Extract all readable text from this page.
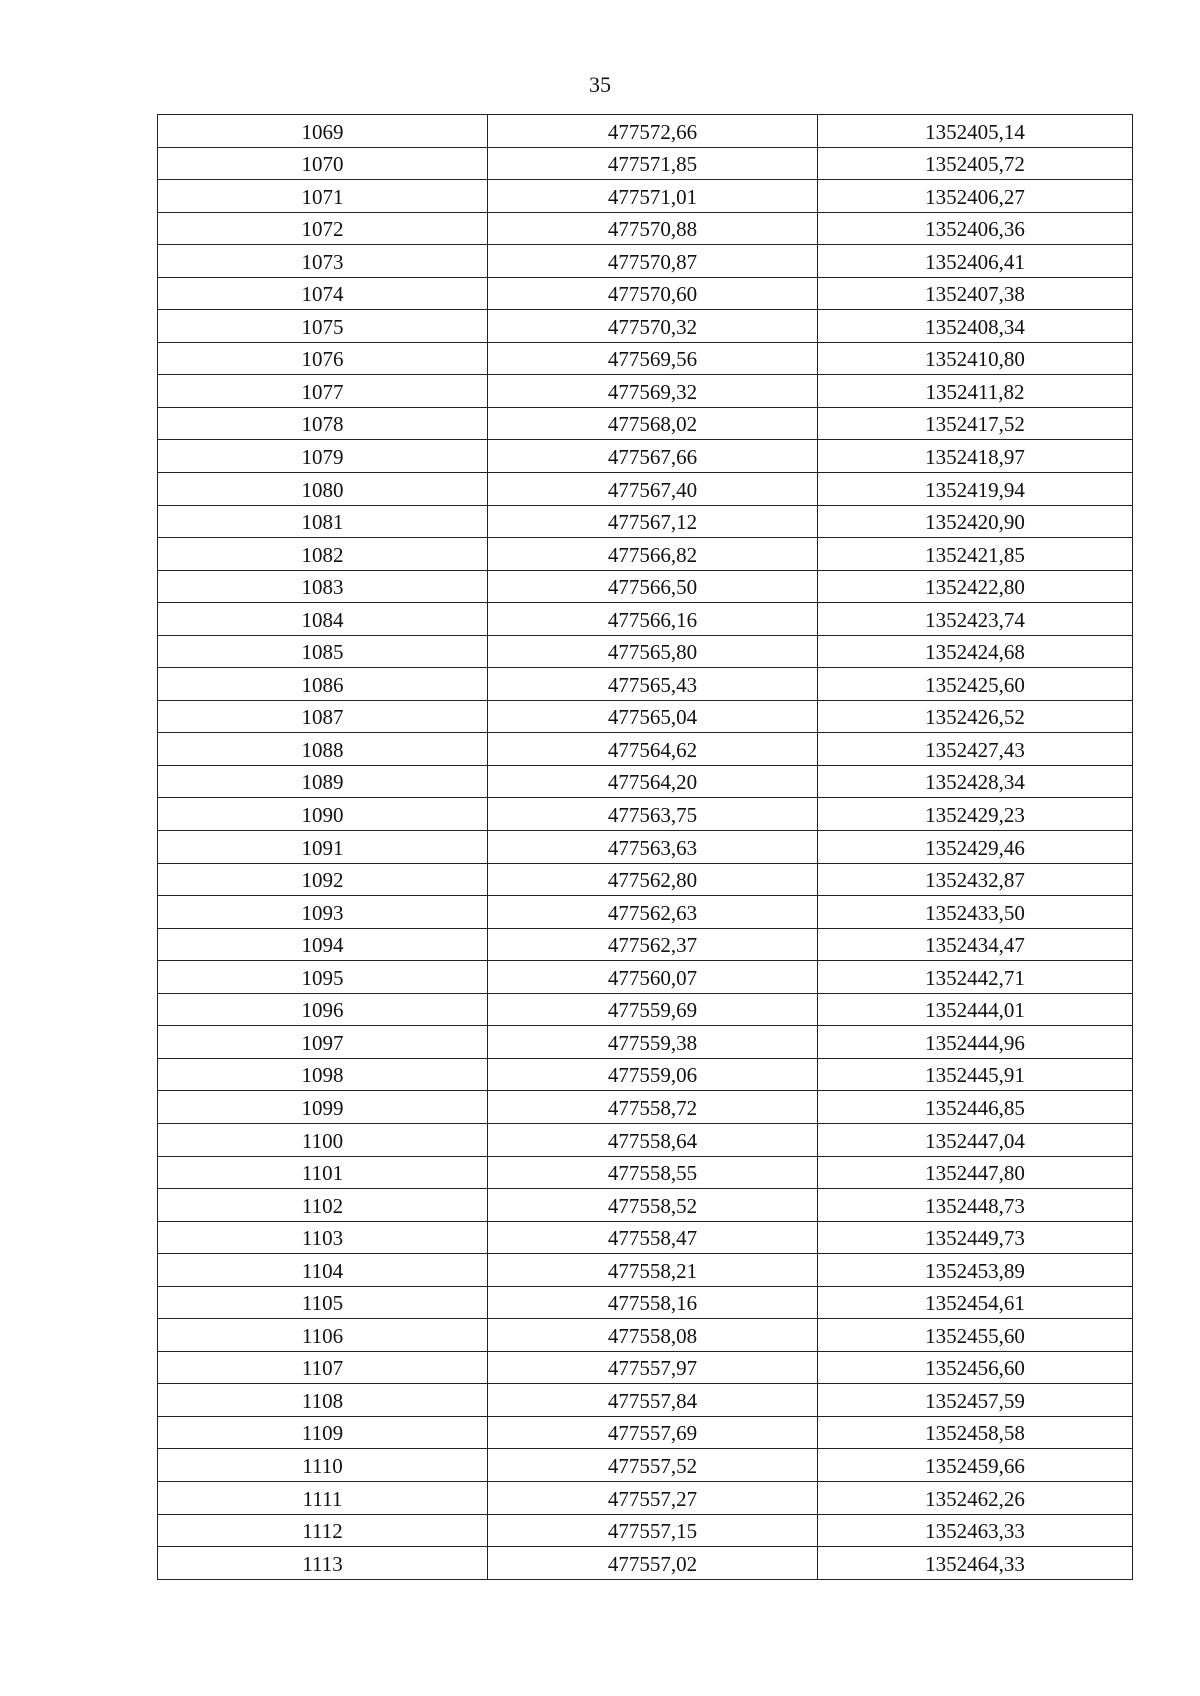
35
1069	477572,66	1352405,14
1070	477571,85	1352405,72
1071	477571,01	1352406,27
1072	477570,88	1352406,36
1073	477570,87	1352406,41
1074	477570,60	1352407,38
1075	477570,32	1352408,34
1076	477569,56	1352410,80
1077	477569,32	1352411,82
1078	477568,02	1352417,52
1079	477567,66	1352418,97
1080	477567,40	1352419,94
1081	477567,12	1352420,90
1082	477566,82	1352421,85
1083	477566,50	1352422,80
1084	477566,16	1352423,74
1085	477565,80	1352424,68
1086	477565,43	1352425,60
1087	477565,04	1352426,52
1088	477564,62	1352427,43
1089	477564,20	1352428,34
1090	477563,75	1352429,23
1091	477563,63	1352429,46
1092	477562,80	1352432,87
1093	477562,63	1352433,50
1094	477562,37	1352434,47
1095	477560,07	1352442,71
1096	477559,69	1352444,01
1097	477559,38	1352444,96
1098	477559,06	1352445,91
1099	477558,72	1352446,85
1100	477558,64	1352447,04
1101	477558,55	1352447,80
1102	477558,52	1352448,73
1103	477558,47	1352449,73
1104	477558,21	1352453,89
1105	477558,16	1352454,61
1106	477558,08	1352455,60
1107	477557,97	1352456,60
1108	477557,84	1352457,59
1109	477557,69	1352458,58
1110	477557,52	1352459,66
1111	477557,27	1352462,26
1112	477557,15	1352463,33
1113	477557,02	1352464,33
